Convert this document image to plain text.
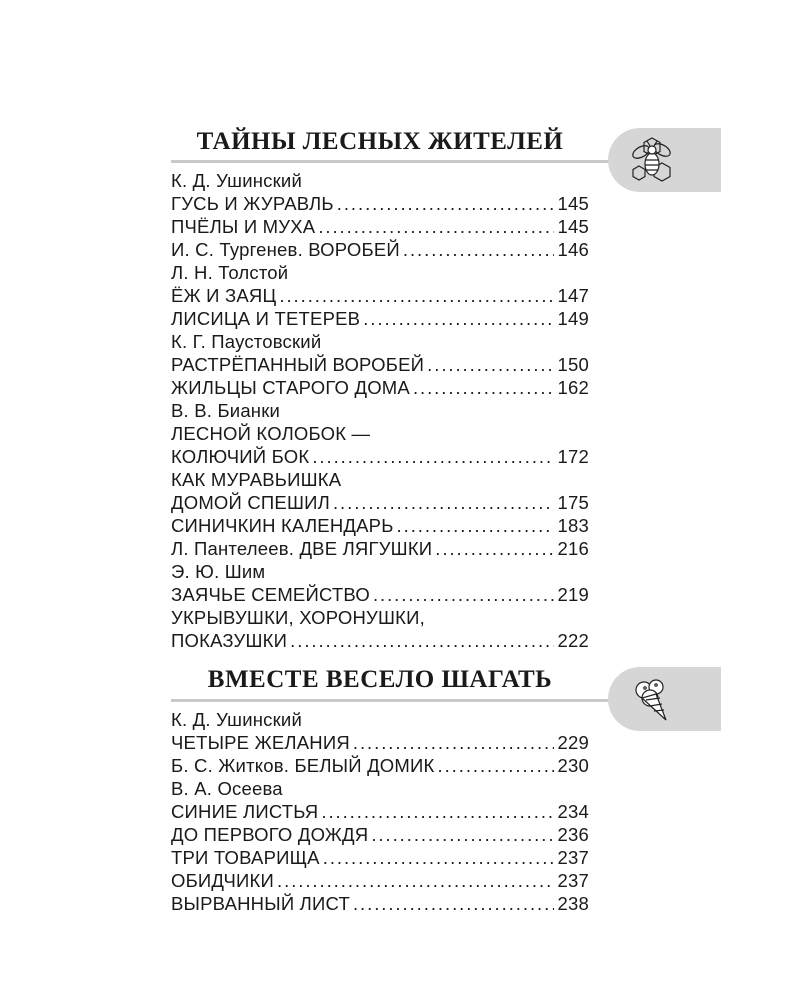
ТАЙНЫ ЛЕСНЫХ ЖИТЕЛЕЙ
К. Д. Ушинский
ГУСЬ И ЖУРАВЛЬ . . .	145
ПЧЁЛЫ И МУХА . . .	145
И. С. Тургенев. ВОРОБЕЙ . . .	146
Л. Н. Толстой
ЁЖ И ЗАЯЦ . . .	147
ЛИСИЦА И ТЕТЕРЕВ . . .	149
К. Г. Паустовский
РАСТРЁПАННЫЙ ВОРОБЕЙ . . .	150
ЖИЛЬЦЫ СТАРОГО ДОМА . . .	162
В. В. Бианки
ЛЕСНОЙ КОЛОБОК —
КОЛЮЧИЙ БОК . . .	172
КАК МУРАВЬИШКА
ДОМОЙ СПЕШИЛ . . .	175
СИНИЧКИН КАЛЕНДАРЬ . . .	183
Л. Пантелеев. ДВЕ ЛЯГУШКИ . . .	216
Э. Ю. Шим
ЗАЯЧЬЕ СЕМЕЙСТВО . . .	219
УКРЫВУШКИ, ХОРОНУШКИ,
ПОКАЗУШКИ . . .	222
ВМЕСТЕ ВЕСЕЛО ШАГАТЬ
К. Д. Ушинский
ЧЕТЫРЕ ЖЕЛАНИЯ . . .	229
Б. С. Житков. БЕЛЫЙ ДОМИК . . .	230
В. А. Осеева
СИНИЕ ЛИСТЬЯ . . .	234
ДО ПЕРВОГО ДОЖДЯ . . .	236
ТРИ ТОВАРИЩА . . .	237
ОБИДЧИКИ . . .	237
ВЫРВАННЫЙ ЛИСТ . . .	238
